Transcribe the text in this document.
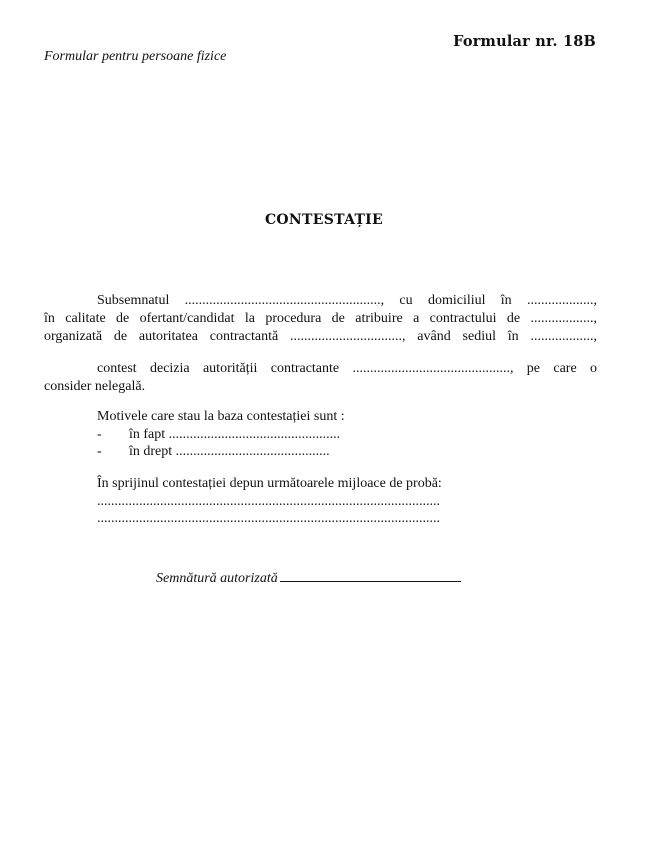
Formular nr. 18B
Formular pentru persoane fizice
CONTESTAȚIE
Subsemnatul ........................................................, cu domiciliul în ...................,
în calitate de ofertant/candidat la procedura de atribuire a contractului de ..................,
organizată de autoritatea contractantă ................................, având sediul în ..................,
contest decizia autorității contractante ............................................., pe care o
consider nelegală.
Motivele care stau la baza contestației sunt :
- în fapt .................................................
- în drept ............................................
În sprijinul contestației depun următoarele mijloace de probă:
..................................................................................................
..................................................................................................
Semnătură autorizată
